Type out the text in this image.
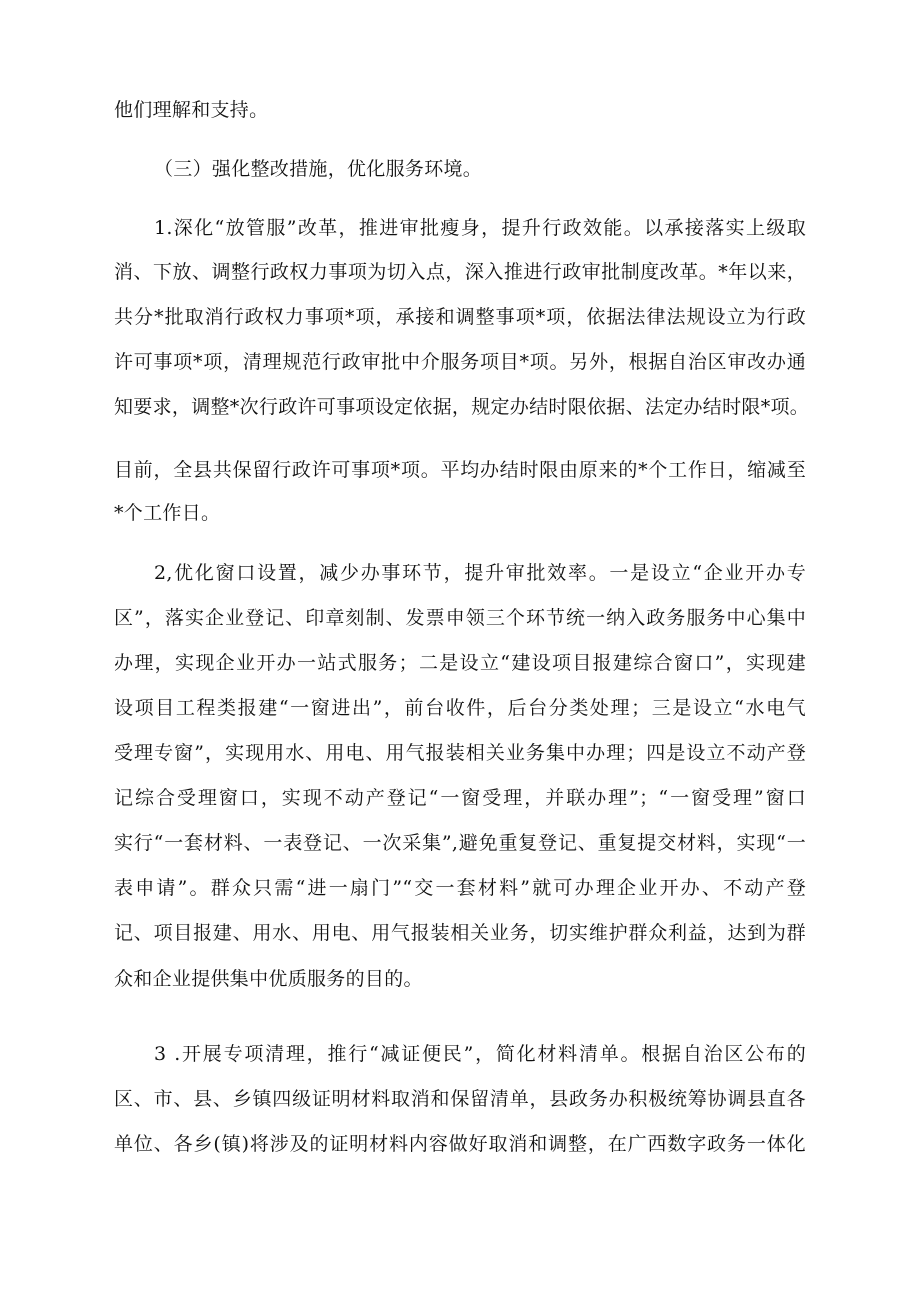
他们理解和支持。
（三）强化整改措施，优化服务环境。
1.深化“放管服”改革，推进审批瘦身，提升行政效能。以承接落实上级取
消、下放、调整行政权力事项为切入点，深入推进行政审批制度改革。*年以来，
共分*批取消行政权力事项*项，承接和调整事项*项，依据法律法规设立为行政
许可事项*项，清理规范行政审批中介服务项目*项。另外，根据自治区审改办通
知要求，调整*次行政许可事项设定依据，规定办结时限依据、法定办结时限*项。
目前，全县共保留行政许可事项*项。平均办结时限由原来的*个工作日，缩减至
*个工作日。
2,优化窗口设置，减少办事环节，提升审批效率。一是设立“企业开办专
区”，落实企业登记、印章刻制、发票申领三个环节统一纳入政务服务中心集中
办理，实现企业开办一站式服务；二是设立“建设项目报建综合窗口”，实现建
设项目工程类报建“一窗进出”，前台收件，后台分类处理；三是设立“水电气
受理专窗”，实现用水、用电、用气报装相关业务集中办理；四是设立不动产登
记综合受理窗口，实现不动产登记“一窗受理，并联办理”；“一窗受理”窗口
实行“一套材料、一表登记、一次采集”,避免重复登记、重复提交材料，实现“一
表申请”。群众只需“进一扇门”“交一套材料”就可办理企业开办、不动产登
记、项目报建、用水、用电、用气报装相关业务，切实维护群众利益，达到为群
众和企业提供集中优质服务的目的。
3 .开展专项清理，推行“减证便民”，简化材料清单。根据自治区公布的
区、市、县、乡镇四级证明材料取消和保留清单，县政务办积极统筹协调县直各
单位、各乡(镇)将涉及的证明材料内容做好取消和调整，在广西数字政务一体化
